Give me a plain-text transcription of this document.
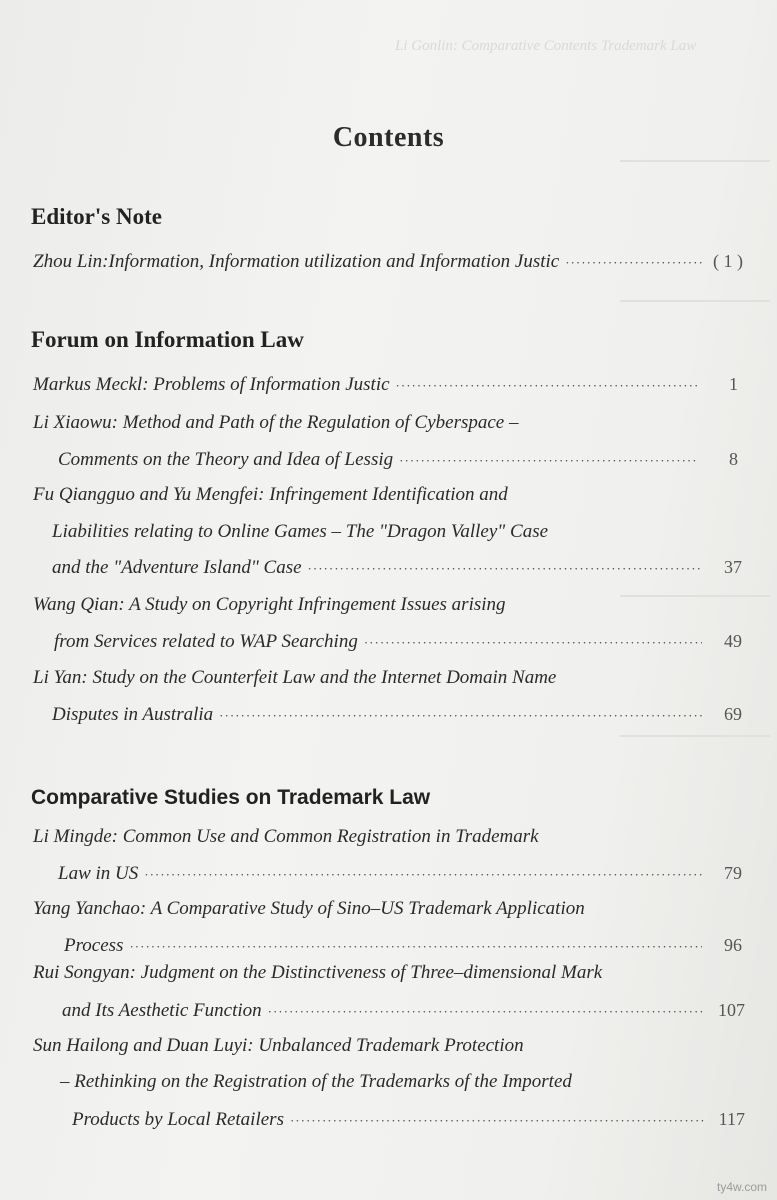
Li Gonlin: Comparative Contents Trademark Law
Contents
Editor's Note
Zhou Lin:Information, Information utilization and Information Justic ·····	( 1 )
Forum on Information Law
Markus Meckl: Problems of Information Justic ·····	1
Li Xiaowu: Method and Path of the Regulation of Cyberspace –
Comments on the Theory and Idea of Lessig ·····	8
Fu Qiangguo and Yu Mengfei: Infringement Identification and
Liabilities relating to Online Games – The "Dragon Valley" Case
and the "Adventure Island" Case ·····	37
Wang Qian: A Study on Copyright Infringement Issues arising
from Services related to WAP Searching ·····	49
Li Yan: Study on the Counterfeit Law and the Internet Domain Name
Disputes in Australia ·····	69
Comparative Studies on Trademark Law
Li Mingde: Common Use and Common Registration in Trademark
Law in US ·····	79
Yang Yanchao: A Comparative Study of Sino–US Trademark Application
Process ·····	96
Rui Songyan: Judgment on the Distinctiveness of Three–dimensional Mark
and Its Aesthetic Function ·····	107
Sun Hailong and Duan Luyi: Unbalanced Trademark Protection
– Rethinking on the Registration of the Trademarks of the Imported
Products by Local Retailers ·····	117
ty4w.com
